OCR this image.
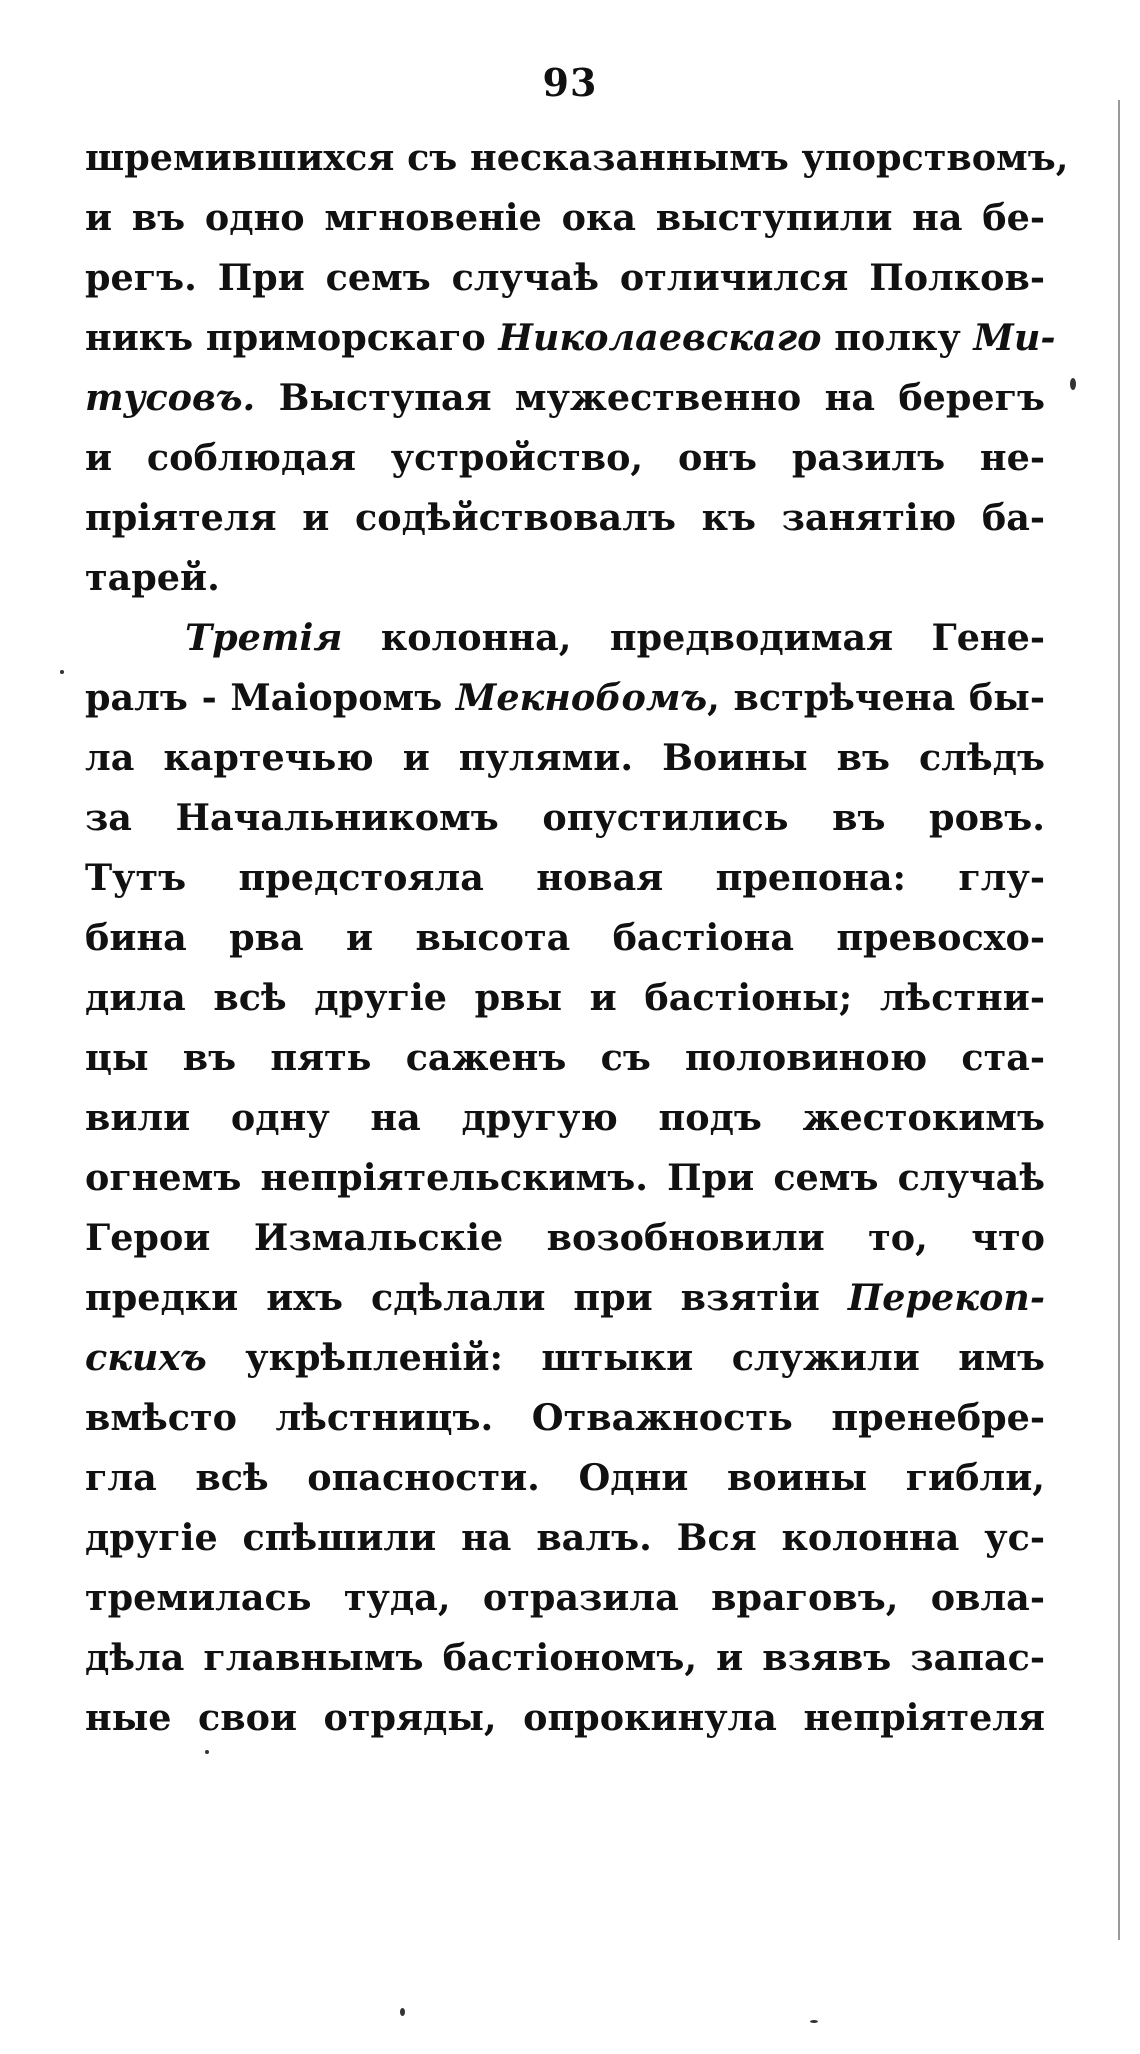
93
шремившихся съ несказаннымъ упорствомъ,
и въ одно мгновеніе ока выступили на бе-
регъ. При семъ случаѣ отличился Полков-
никъ приморскаго Николаевскаго полку Ми-
тусовъ. Выступая мужественно на берегъ
и соблюдая устройство, онъ разилъ не-
пріятеля и содѣйствовалъ къ занятію ба-
тарей.
Третія колонна, предводимая Гене-
ралъ - Маіоромъ Мекнобомъ, встрѣчена бы-
ла картечью и пулями. Воины въ слѣдъ
за Начальникомъ опустились въ ровъ.
Тутъ предстояла новая препона: глу-
бина рва и высота бастіона превосхо-
дила всѣ другіе рвы и бастіоны; лѣстни-
цы въ пять саженъ съ половиною ста-
вили одну на другую подъ жестокимъ
огнемъ непріятельскимъ. При семъ случаѣ
Герои Измальскіе возобновили то, что
предки ихъ сдѣлали при взятіи Перекоп-
скихъ укрѣпленій: штыки служили имъ
вмѣсто лѣстницъ. Отважность пренебре-
гла всѣ опасности. Одни воины гибли,
другіе спѣшили на валъ. Вся колонна ус-
тремилась туда, отразила враговъ, овла-
дѣла главнымъ бастіономъ, и взявъ запас-
ные свои отряды, опрокинула непріятеля
